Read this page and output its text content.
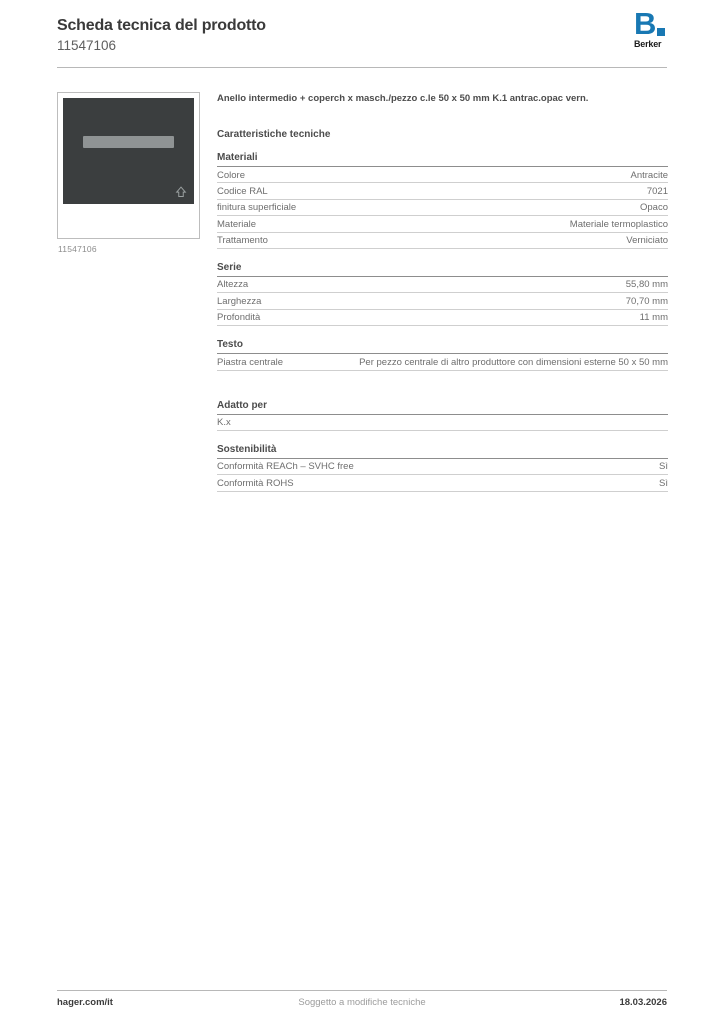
Scheda tecnica del prodotto
11547106
B
Berker
11547106
Anello intermedio + coperch x masch./pezzo c.le 50 x 50 mm K.1 antrac.opac vern.
Caratteristiche tecniche
Materiali
Colore	Antracite
Codice RAL	7021
finitura superficiale	Opaco
Materiale	Materiale termoplastico
Trattamento	Verniciato
Serie
Altezza	55,80 mm
Larghezza	70,70 mm
Profondità	11 mm
Testo
Piastra centrale	Per pezzo centrale di altro produttore con dimensioni esterne 50 x 50 mm
Adatto per
K.x
Sostenibilità
Conformità REACh – SVHC free	Sì
Conformità ROHS	Sì
hager.com/it	Soggetto a modifiche tecniche	18.03.2026
